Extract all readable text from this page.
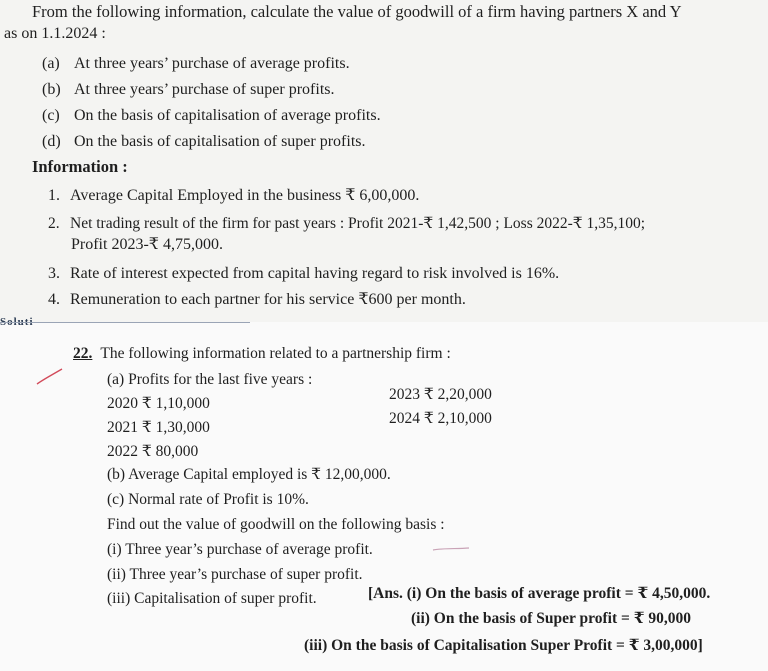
From the following information, calculate the value of goodwill of a firm having partners X and Y
as on 1.1.2024 :
(a) At three years’ purchase of average profits.
(b) At three years’ purchase of super profits.
(c) On the basis of capitalisation of average profits.
(d) On the basis of capitalisation of super profits.
Information :
1. Average Capital Employed in the business ₹ 6,00,000.
2. Net trading result of the firm for past years : Profit 2021-₹ 1,42,500 ; Loss 2022-₹ 1,35,100;
Profit 2023-₹ 4,75,000.
3. Rate of interest expected from capital having regard to risk involved is 16%.
4. Remuneration to each partner for his service ₹600 per month.
Soluti
22. The following information related to a partnership firm :
(a) Profits for the last five years :
2020 ₹ 1,10,000
2021 ₹ 1,30,000
2022 ₹ 80,000
2023 ₹ 2,20,000
2024 ₹ 2,10,000
(b) Average Capital employed is ₹ 12,00,000.
(c) Normal rate of Profit is 10%.
Find out the value of goodwill on the following basis :
(i) Three year’s purchase of average profit.
(ii) Three year’s purchase of super profit.
(iii) Capitalisation of super profit.	[Ans. (i) On the basis of average profit = ₹ 4,50,000.
(ii) On the basis of Super profit = ₹ 90,000
(iii) On the basis of Capitalisation Super Profit = ₹ 3,00,000]
